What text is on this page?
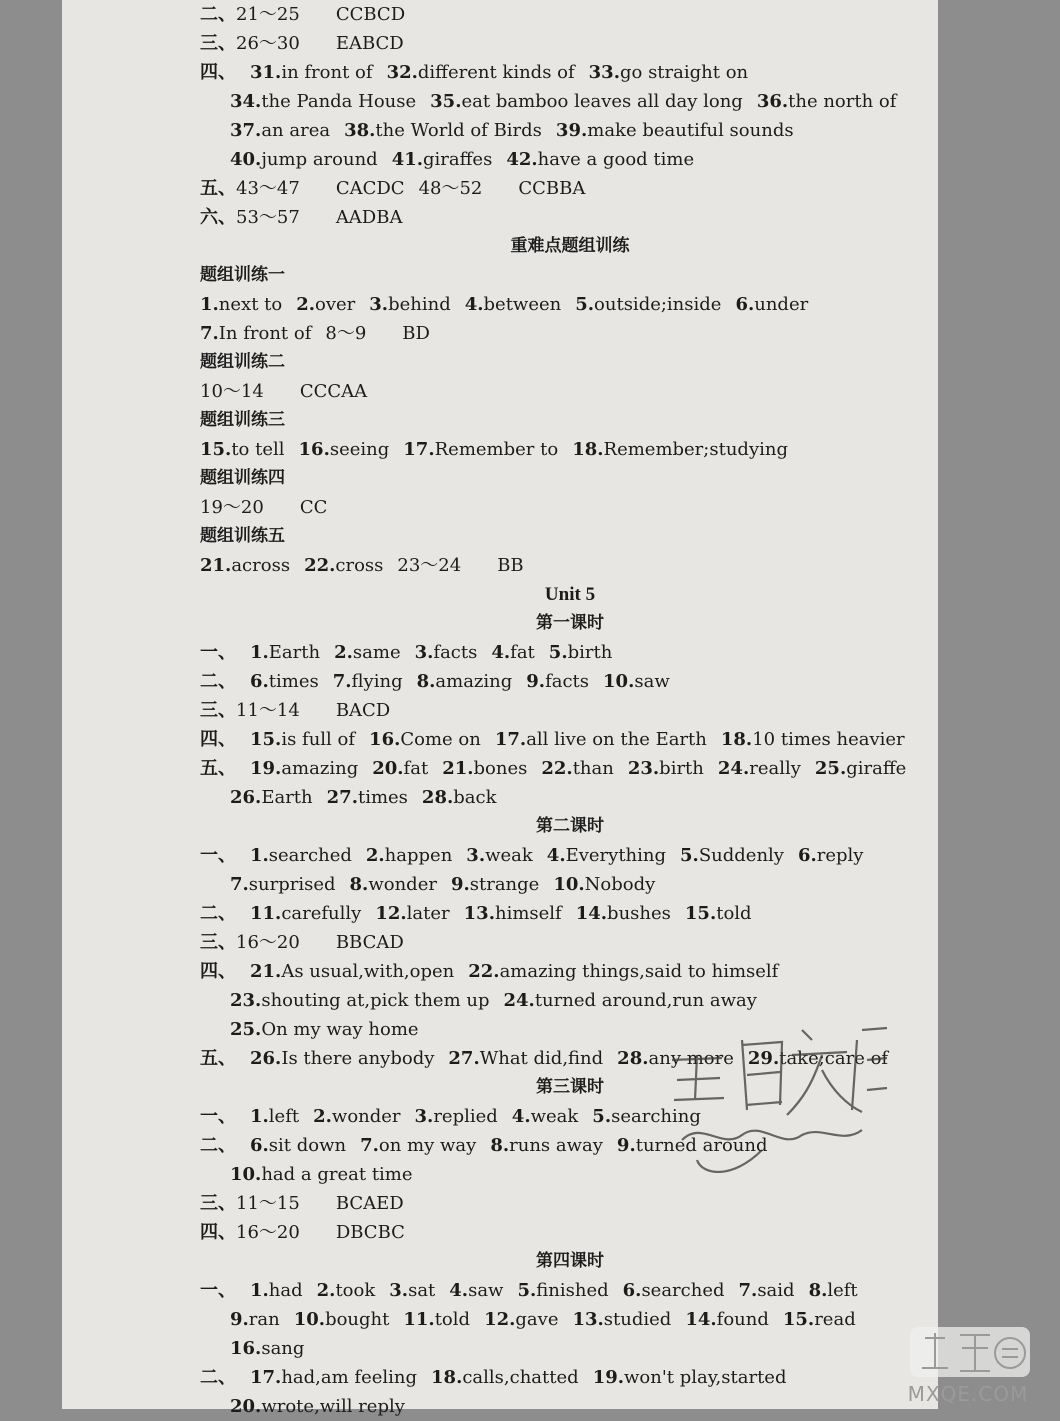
二、21～25 CCBCD
三、26～30 EABCD
四、 31.in front of 32.different kinds of 33.go straight on
34.the Panda House 35.eat bamboo leaves all day long 36.the north of
37.an area 38.the World of Birds 39.make beautiful sounds
40.jump around 41.giraffes 42.have a good time
五、43～47 CACDC 48～52 CCBBA
六、53～57 AADBA
重难点题组训练
题组训练一
1.next to 2.over 3.behind 4.between 5.outside;inside 6.under
7.In front of 8～9 BD
题组训练二
10～14 CCCAA
题组训练三
15.to tell 16.seeing 17.Remember to 18.Remember;studying
题组训练四
19～20 CC
题组训练五
21.across 22.cross 23～24 BB
Unit 5
第一课时
一、 1.Earth 2.same 3.facts 4.fat 5.birth
二、 6.times 7.flying 8.amazing 9.facts 10.saw
三、11～14 BACD
四、 15.is full of 16.Come on 17.all live on the Earth 18.10 times heavier
五、 19.amazing 20.fat 21.bones 22.than 23.birth 24.really 25.giraffe
26.Earth 27.times 28.back
第二课时
一、 1.searched 2.happen 3.weak 4.Everything 5.Suddenly 6.reply
7.surprised 8.wonder 9.strange 10.Nobody
二、 11.carefully 12.later 13.himself 14.bushes 15.told
三、16～20 BBCAD
四、 21.As usual,with,open 22.amazing things,said to himself
23.shouting at,pick them up 24.turned around,run away
25.On my way home
五、 26.Is there anybody 27.What did,find 28.any more 29.take;care of
第三课时
一、 1.left 2.wonder 3.replied 4.weak 5.searching
二、 6.sit down 7.on my way 8.runs away 9.turned around
10.had a great time
三、11～15 BCAED
四、16～20 DBCBC
第四课时
一、 1.had 2.took 3.sat 4.saw 5.finished 6.searched 7.said 8.left
9.ran 10.bought 11.told 12.gave 13.studied 14.found 15.read
16.sang
二、 17.had,am feeling 18.calls,chatted 19.won't play,started
20.wrote,will reply
MXQE.COM
